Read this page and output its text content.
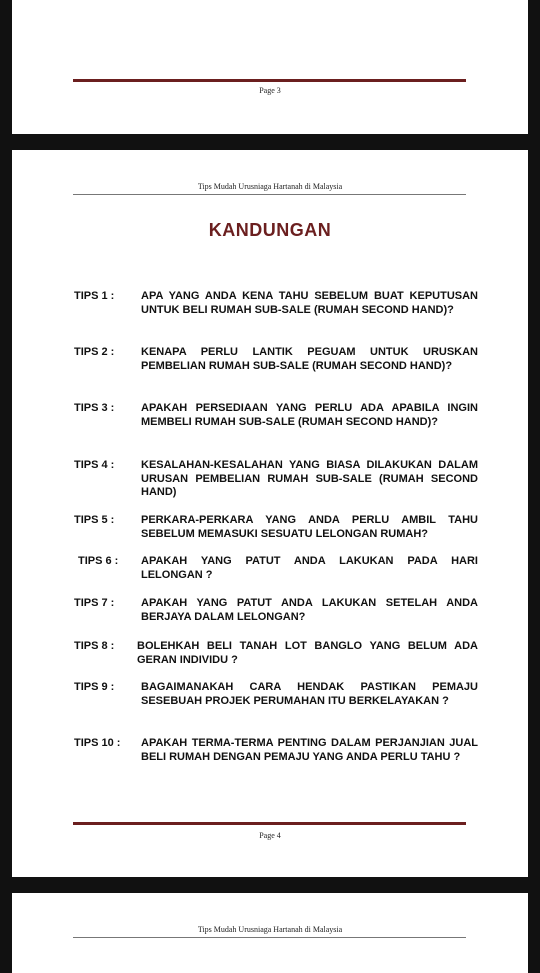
Page 3
Tips Mudah Urusniaga Hartanah di Malaysia
KANDUNGAN
TIPS 1 : APA YANG ANDA KENA TAHU SEBELUM BUAT KEPUTUSAN UNTUK BELI RUMAH SUB-SALE (RUMAH SECOND HAND)?
TIPS 2 : KENAPA PERLU LANTIK PEGUAM UNTUK URUSKAN PEMBELIAN RUMAH SUB-SALE (RUMAH SECOND HAND)?
TIPS 3 : APAKAH PERSEDIAAN YANG PERLU ADA APABILA INGIN MEMBELI RUMAH SUB-SALE (RUMAH SECOND HAND)?
TIPS 4 : KESALAHAN-KESALAHAN YANG BIASA DILAKUKAN DALAM URUSAN PEMBELIAN RUMAH SUB-SALE (RUMAH SECOND HAND)
TIPS 5 : PERKARA-PERKARA YANG ANDA PERLU AMBIL TAHU SEBELUM MEMASUKI SESUATU LELONGAN RUMAH?
TIPS 6 : APAKAH YANG PATUT ANDA LAKUKAN PADA HARI LELONGAN ?
TIPS 7 : APAKAH YANG PATUT ANDA LAKUKAN SETELAH ANDA BERJAYA DALAM LELONGAN?
TIPS 8 : BOLEHKAH BELI TANAH LOT BANGLO YANG BELUM ADA GERAN INDIVIDU ?
TIPS 9 : BAGAIMANAKAH CARA HENDAK PASTIKAN PEMAJU SESEBUAH PROJEK PERUMAHAN ITU BERKELAYAKAN ?
TIPS 10 : APAKAH TERMA-TERMA PENTING DALAM PERJANJIAN JUAL BELI RUMAH DENGAN PEMAJU YANG ANDA PERLU TAHU ?
Page 4
Tips Mudah Urusniaga Hartanah di Malaysia
